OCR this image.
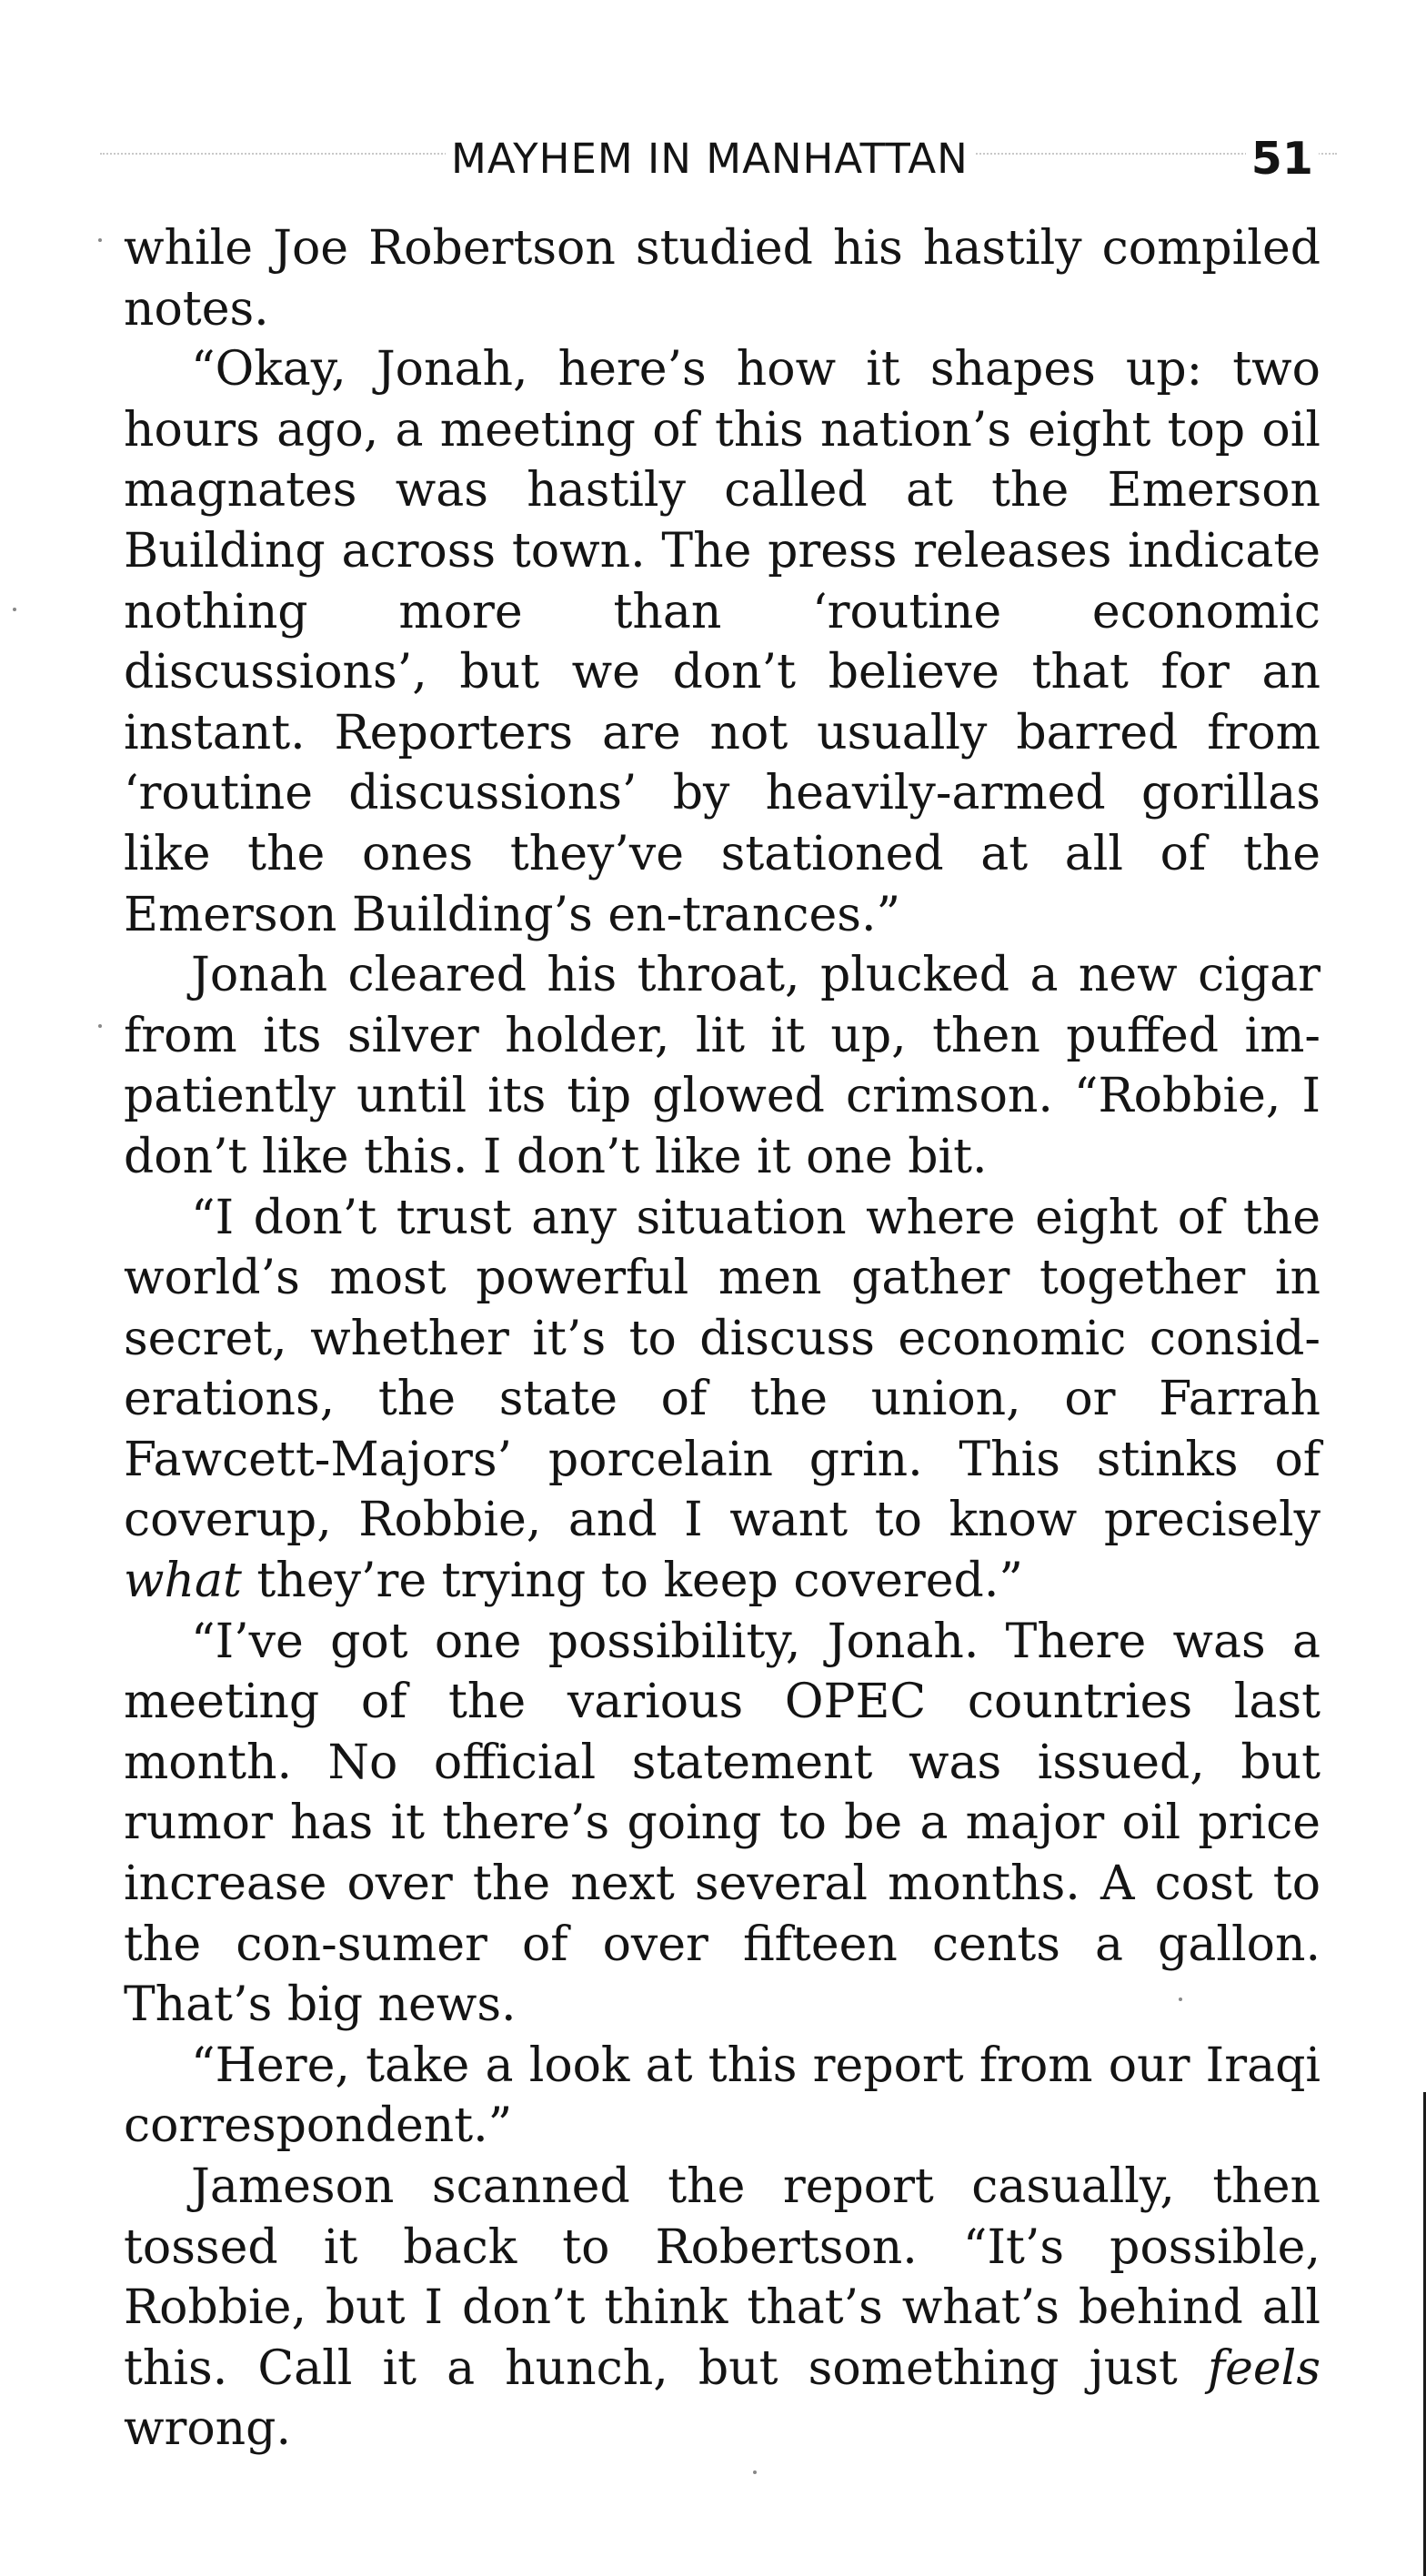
MAYHEM IN MANHATTAN	51

while Joe Robertson studied his hastily compiled notes.

“Okay, Jonah, here’s how it shapes up: two hours ago, a meeting of this nation’s eight top oil magnates was hastily called at the Emerson Building across town. The press releases indicate nothing more than ‘routine economic discussions’, but we don’t believe that for an instant. Reporters are not usually barred from ‘routine discussions’ by heavily-armed gorillas like the ones they’ve stationed at all of the Emerson Building’s en-trances.”

Jonah cleared his throat, plucked a new cigar from its silver holder, lit it up, then puffed im-patiently until its tip glowed crimson. “Robbie, I don’t like this. I don’t like it one bit.

“I don’t trust any situation where eight of the world’s most powerful men gather together in secret, whether it’s to discuss economic consid-erations, the state of the union, or Farrah Fawcett-Majors’ porcelain grin. This stinks of coverup, Robbie, and I want to know precisely what they’re trying to keep covered.”

“I’ve got one possibility, Jonah. There was a meeting of the various OPEC countries last month. No official statement was issued, but rumor has it there’s going to be a major oil price increase over the next several months. A cost to the con-sumer of over fifteen cents a gallon. That’s big news.

“Here, take a look at this report from our Iraqi correspondent.”

Jameson scanned the report casually, then tossed it back to Robertson. “It’s possible, Robbie, but I don’t think that’s what’s behind all this. Call it a hunch, but something just feels wrong.
